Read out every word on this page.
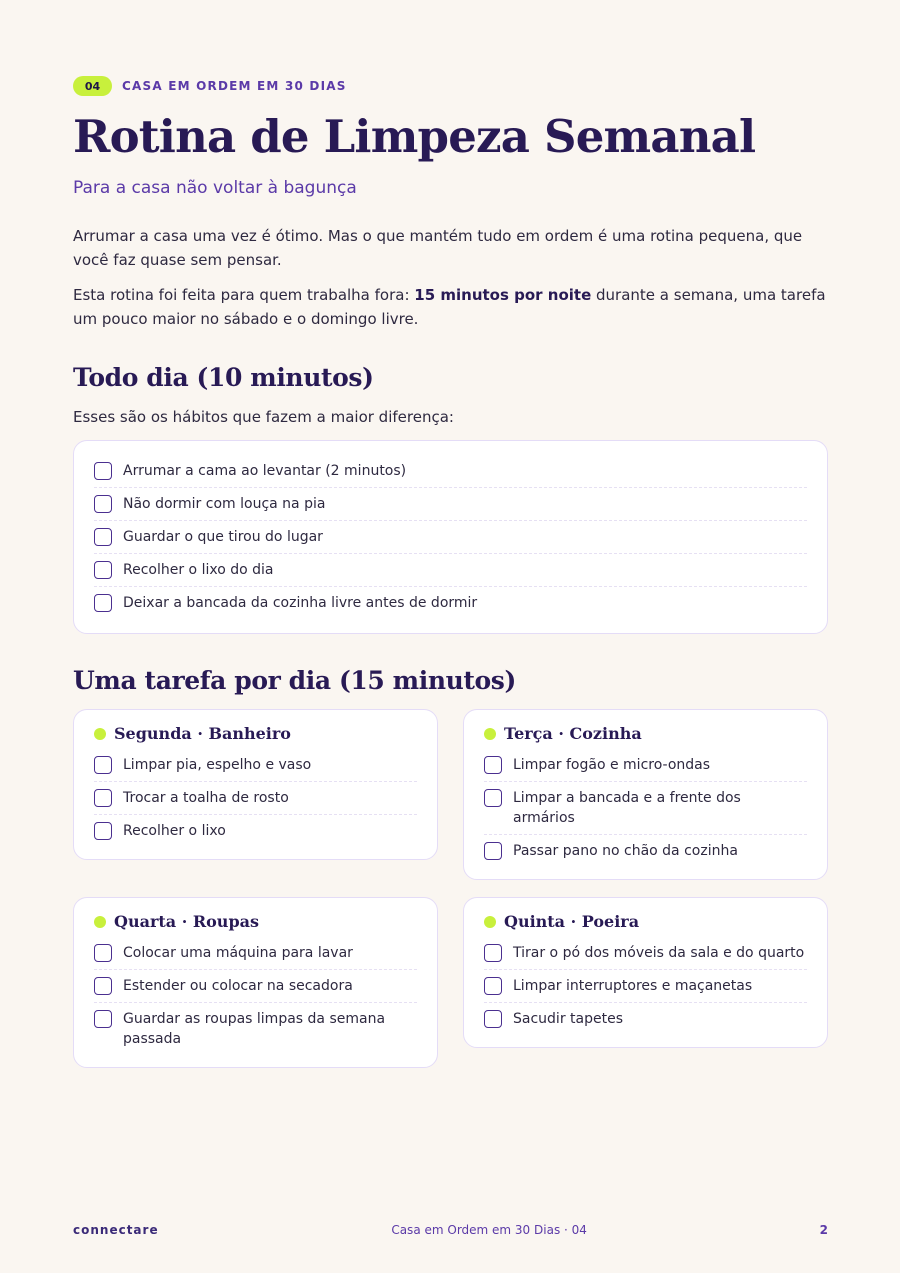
04	CASA EM ORDEM EM 30 DIAS
Rotina de Limpeza Semanal
Para a casa não voltar à bagunça

Arrumar a casa uma vez é ótimo. Mas o que mantém tudo em ordem é uma rotina pequena, que você faz quase sem pensar.

Esta rotina foi feita para quem trabalha fora: 15 minutos por noite durante a semana, uma tarefa um pouco maior no sábado e o domingo livre.

Todo dia (10 minutos)
Esses são os hábitos que fazem a maior diferença:
Arrumar a cama ao levantar (2 minutos)
Não dormir com louça na pia
Guardar o que tirou do lugar
Recolher o lixo do dia
Deixar a bancada da cozinha livre antes de dormir
Uma tarefa por dia (15 minutos)
Segunda · Banheiro
Limpar pia, espelho e vaso
Trocar a toalha de rosto
Recolher o lixo
Terça · Cozinha
Limpar fogão e micro-ondas
Limpar a bancada e a frente dos armários
Passar pano no chão da cozinha
Quarta · Roupas
Colocar uma máquina para lavar
Estender ou colocar na secadora
Guardar as roupas limpas da semana passada
Quinta · Poeira
Tirar o pó dos móveis da sala e do quarto
Limpar interruptores e maçanetas
Sacudir tapetes
connectare	Casa em Ordem em 30 Dias · 04	2
